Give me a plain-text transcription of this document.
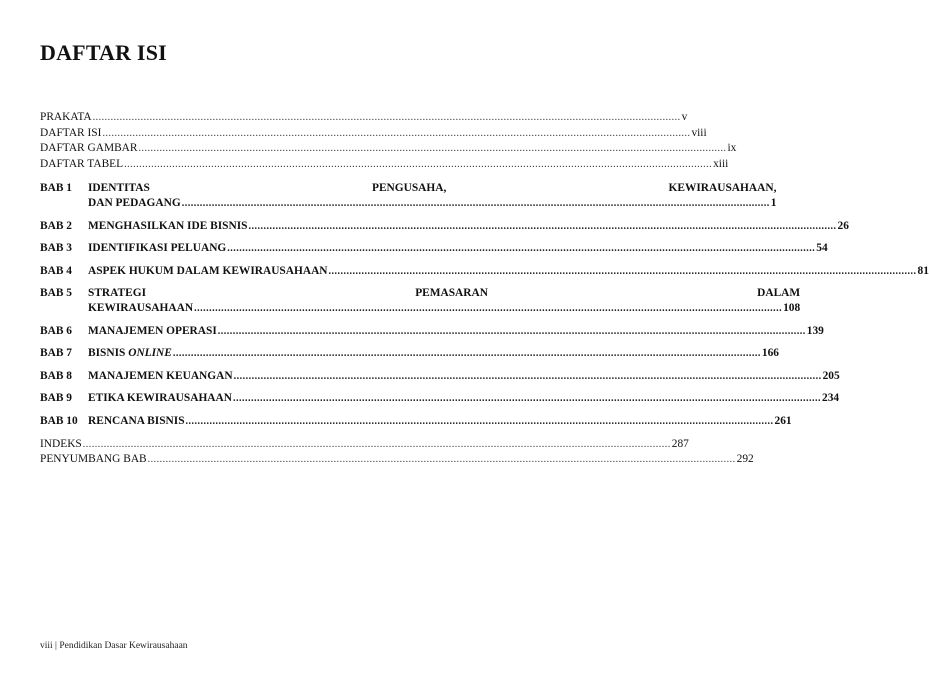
DAFTAR ISI
PRAKATA .....	v
DAFTAR ISI .....	viii
DAFTAR GAMBAR .....	ix
DAFTAR TABEL .....	xiii
BAB 1	IDENTITAS	PENGUSAHA,	KEWIRAUSAHAAN,
DAN PEDAGANG .....	1
BAB 2	MENGHASILKAN IDE BISNIS .....	26
BAB 3	IDENTIFIKASI PELUANG .....	54
BAB 4	ASPEK HUKUM DALAM KEWIRAUSAHAAN .....	81
BAB 5	STRATEGI	PEMASARAN	DALAM
KEWIRAUSAHAAN .....	108
BAB 6	MANAJEMEN OPERASI .....	139
BAB 7	BISNIS ONLINE .....	166
BAB 8	MANAJEMEN KEUANGAN .....	205
BAB 9	ETIKA KEWIRAUSAHAAN .....	234
BAB 10 RENCANA BISNIS .....	261
INDEKS .....	287
PENYUMBANG BAB .....	292
viii | Pendidikan Dasar Kewirausahaan
